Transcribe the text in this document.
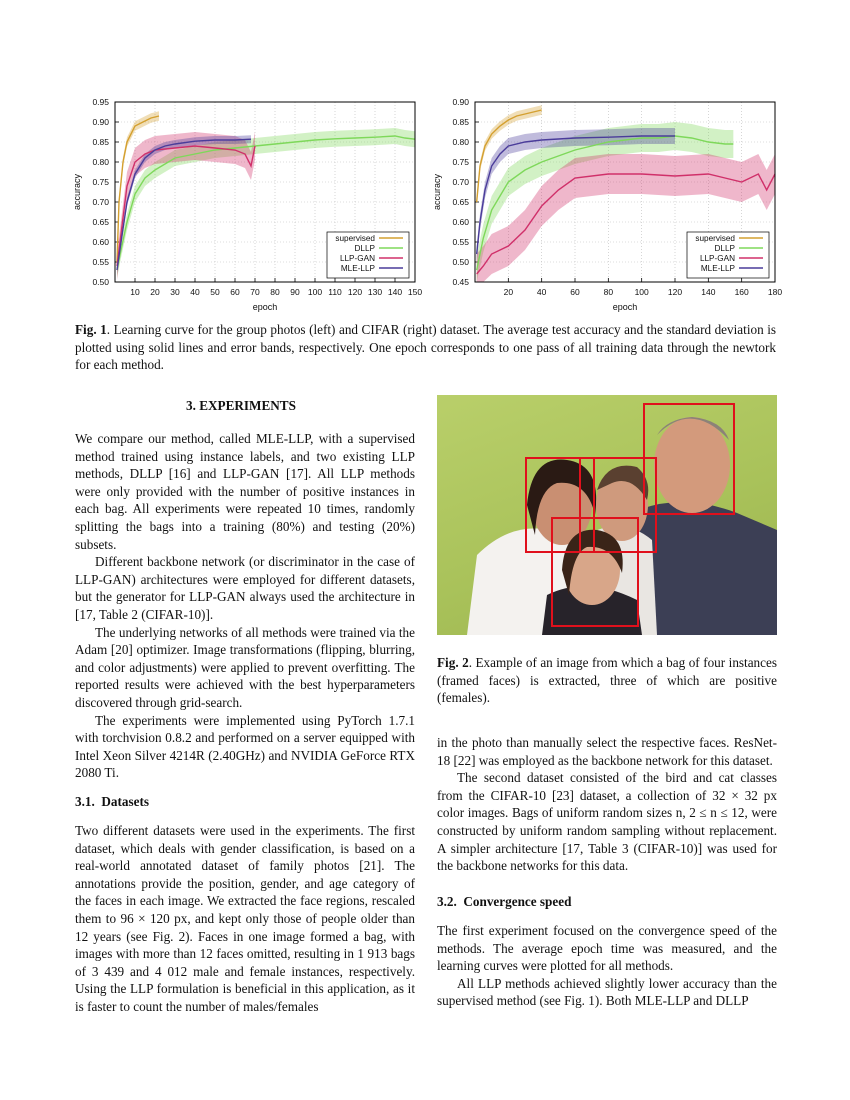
0.50
0.55
0.60
0.65
0.70
0.75
0.80
0.85
0.90
0.95
10 20 30 40 50 60 70 80 90 100 110 120 130 140 150
epoch
accuracy
supervised
DLLP
LLP-GAN
MLE-LLP
0.45
0.50
0.55
0.60
0.65
0.70
0.75
0.80
0.85
0.90
20	40	60	80	100 120 140 160 180
epoch
accuracy
supervised
DLLP
LLP-GAN
MLE-LLP
Fig. 1. Learning curve for the group photos (left) and CIFAR (right) dataset. The average test accuracy and the standard deviation is plotted using solid lines and error bands, respectively. One epoch corresponds to one pass of all training data through the newtork for each method.
3. EXPERIMENTS

We compare our method, called MLE-LLP, with a supervised method trained using instance labels, and two existing LLP methods, DLLP [16] and LLP-GAN [17]. All LLP methods were only provided with the number of positive instances in each bag. All experiments were repeated 10 times, randomly splitting the bags into a training (80%) and testing (20%) subsets.

Different backbone network (or discriminator in the case of LLP-GAN) architectures were employed for different datasets, but the generator for LLP-GAN always used the architecture in [17, Table 2 (CIFAR-10)].

The underlying networks of all methods were trained via the Adam [20] optimizer. Image transformations (flipping, blurring, and color adjustments) were applied to prevent overfitting. The reported results were achieved with the best hyperparameters discovered through grid-search.

The experiments were implemented using PyTorch 1.7.1 with torchvision 0.8.2 and performed on a server equipped with Intel Xeon Silver 4214R (2.40GHz) and NVIDIA GeForce RTX 2080 Ti.

3.1.  Datasets

Two different datasets were used in the experiments. The first dataset, which deals with gender classification, is based on a real-world annotated dataset of family photos [21]. The annotations provide the position, gender, and age category of the faces in each image. We extracted the face regions, rescaled them to 96 × 120 px, and kept only those of people older than 12 years (see Fig. 2). Faces in one image formed a bag, with images with more than 12 faces omitted, resulting in 1 913 bags of 3 439 and 4 012 male and female instances, respectively. Using the LLP formulation is beneficial in this application, as it is faster to count the number of males/females

Fig. 2. Example of an image from which a bag of four instances (framed faces) is extracted, three of which are positive (females).

in the photo than manually select the respective faces. ResNet-18 [22] was employed as the backbone network for this dataset.

The second dataset consisted of the bird and cat classes from the CIFAR-10 [23] dataset, a collection of 32 × 32 px color images. Bags of uniform random sizes n, 2 ≤ n ≤ 12, were constructed by uniform random sampling without replacement. A simpler architecture [17, Table 3 (CIFAR-10)] was used for the backbone networks for this data.

3.2.  Convergence speed

The first experiment focused on the convergence speed of the methods. The average epoch time was measured, and the learning curves were plotted for all methods.

All LLP methods achieved slightly lower accuracy than the supervised method (see Fig. 1). Both MLE-LLP and DLLP
